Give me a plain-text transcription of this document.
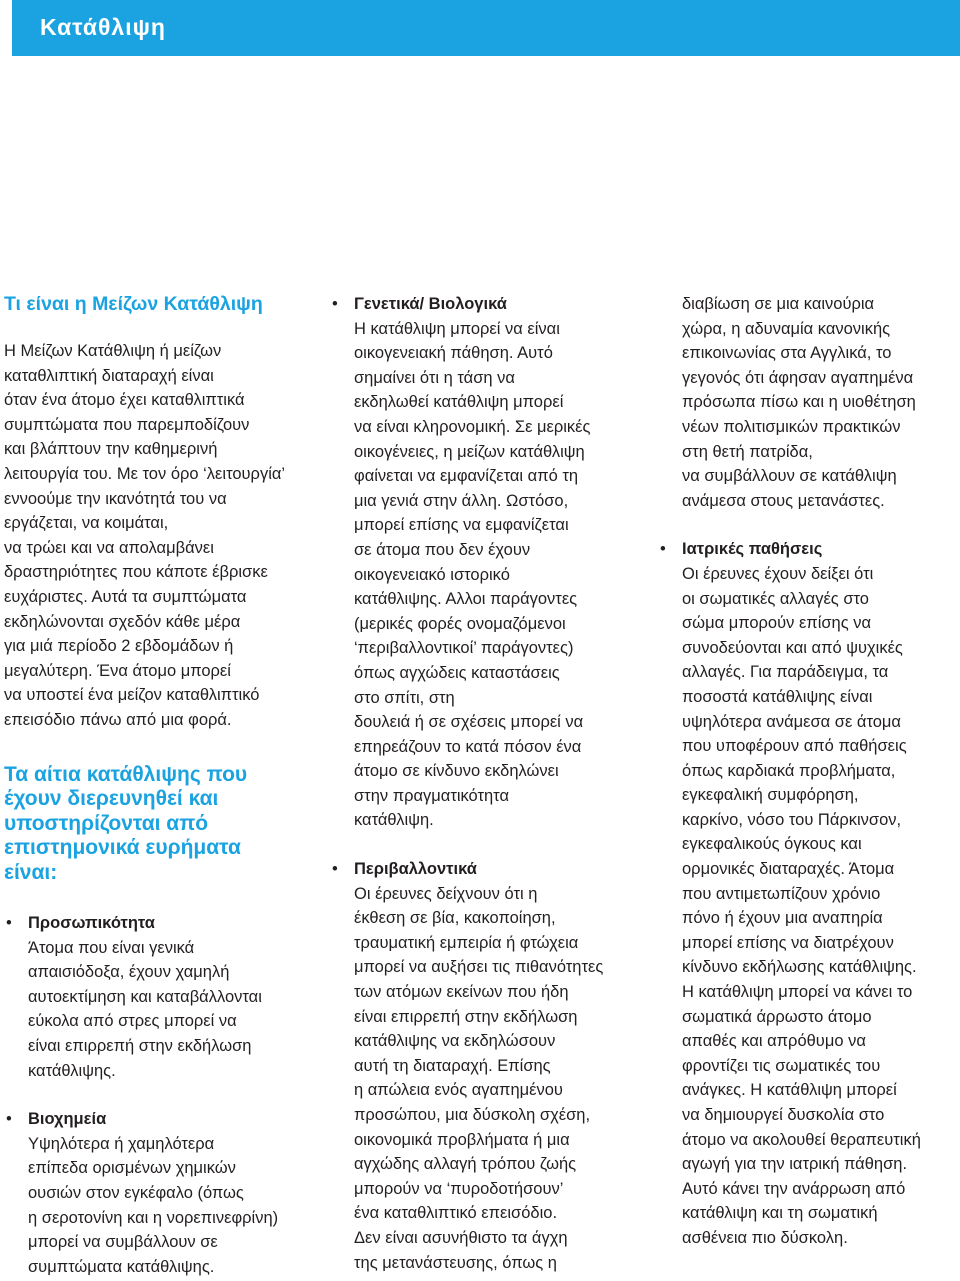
Κατάθλιψη
Τι είναι η Μείζων Κατάθλιψη

Η Μείζων Κατάθλιψη ή μείζων
καταθλιπτική διαταραχή είναι
όταν ένα άτομο έχει καταθλιπτικά
συμπτώματα που παρεμποδίζουν
και βλάπτουν την καθημερινή
λειτουργία του. Με τον όρο ‘λειτουργία’
εννοούμε την ικανότητά του να
εργάζεται, να κοιμάται,
να τρώει και να απολαμβάνει
δραστηριότητες που κάποτε έβρισκε
ευχάριστες. Αυτά τα συμπτώματα
εκδηλώνονται σχεδόν κάθε μέρα
για μιά περίοδο 2 εβδομάδων ή
μεγαλύτερη. Ένα άτομο μπορεί
να υποστεί ένα μείζον καταθλιπτικό
επεισόδιο πάνω από μια φορά.

Τα αίτια κατάθλιψης που
έχουν διερευνηθεί και
υποστηρίζονται από
επιστημονικά ευρήματα
είναι:
• Προσωπικότητα

Άτομα που είναι γενικά
απαισιόδοξα, έχουν χαμηλή
αυτοεκτίμηση και καταβάλλονται
εύκολα από στρες μπορεί να
είναι επιρρεπή στην εκδήλωση
κατάθλιψης.

• Βιοχημεία

Υψηλότερα ή χαμηλότερα
επίπεδα ορισμένων χημικών
ουσιών στον εγκέφαλο (όπως
η σεροτονίνη και η νορεπινεφρίνη)
μπορεί να συμβάλλουν σε
συμπτώματα κατάθλιψης.

• Γενετικά/ Βιολογικά

Η κατάθλιψη μπορεί να είναι
οικογενειακή πάθηση. Αυτό
σημαίνει ότι η τάση να
εκδηλωθεί κατάθλιψη μπορεί
να είναι κληρονομική. Σε μερικές
οικογένειες, η μείζων κατάθλιψη
φαίνεται να εμφανίζεται από τη
μια γενιά στην άλλη. Ωστόσο,
μπορεί επίσης να εμφανίζεται
σε άτομα που δεν έχουν
οικογενειακό ιστορικό
κατάθλιψης. Αλλοι παράγοντες
(μερικές φορές ονομαζόμενοι
‘περιβαλλοντικοί’ παράγοντες)
όπως αγχώδεις καταστάσεις
στο σπίτι, στη
δουλειά ή σε σχέσεις μπορεί να
επηρεάζουν το κατά πόσον ένα
άτομο σε κίνδυνο εκδηλώνει
στην πραγματικότητα
κατάθλιψη.

• Περιβαλλοντικά

Οι έρευνες δείχνουν ότι η
έκθεση σε βία, κακοποίηση,
τραυματική εμπειρία ή φτώχεια
μπορεί να αυξήσει τις πιθανότητες
των ατόμων εκείνων που ήδη
είναι επιρρεπή στην εκδήλωση
κατάθλιψης να εκδηλώσουν
αυτή τη διαταραχή. Επίσης
η απώλεια ενός αγαπημένου
προσώπου, μια δύσκολη σχέση,
οικονομικά προβλήματα ή μια
αγχώδης αλλαγή τρόπου ζωής
μπορούν να ‘πυροδοτήσουν’
ένα καταθλιπτικό επεισόδιο.
Δεν είναι ασυνήθιστο τα άγχη
της μετανάστευσης, όπως η

διαβίωση σε μια καινούρια
χώρα, η αδυναμία κανονικής
επικοινωνίας στα Αγγλικά, το
γεγονός ότι άφησαν αγαπημένα
πρόσωπα πίσω και η υιοθέτηση
νέων πολιτισμικών πρακτικών
στη θετή πατρίδα,
να συμβάλλουν σε κατάθλιψη
ανάμεσα στους μετανάστες.

• Ιατρικές παθήσεις

Οι έρευνες έχουν δείξει ότι
οι σωματικές αλλαγές στο
σώμα μπορούν επίσης να
συνοδεύονται και από ψυχικές
αλλαγές. Για παράδειγμα, τα
ποσοστά κατάθλιψης είναι
υψηλότερα ανάμεσα σε άτομα
που υποφέρουν από παθήσεις
όπως καρδιακά προβλήματα,
εγκεφαλική συμφόρηση,
καρκίνο, νόσο του Πάρκινσον,
εγκεφαλικούς όγκους και
ορμονικές διαταραχές. Άτομα
που αντιμετωπίζουν χρόνιο
πόνο ή έχουν μια αναπηρία
μπορεί επίσης να διατρέχουν
κίνδυνο εκδήλωσης κατάθλιψης.
Η κατάθλιψη μπορεί να κάνει το
σωματικά άρρωστο άτομο
απαθές και απρόθυμο να
φροντίζει τις σωματικές του
ανάγκες. Η κατάθλιψη μπορεί
να δημιουργεί δυσκολία στο
άτομο να ακολουθεί θεραπευτική
αγωγή για την ιατρική πάθηση.
Αυτό κάνει την ανάρρωση από
κατάθλιψη και τη σωματική
ασθένεια πιο δύσκολη.
